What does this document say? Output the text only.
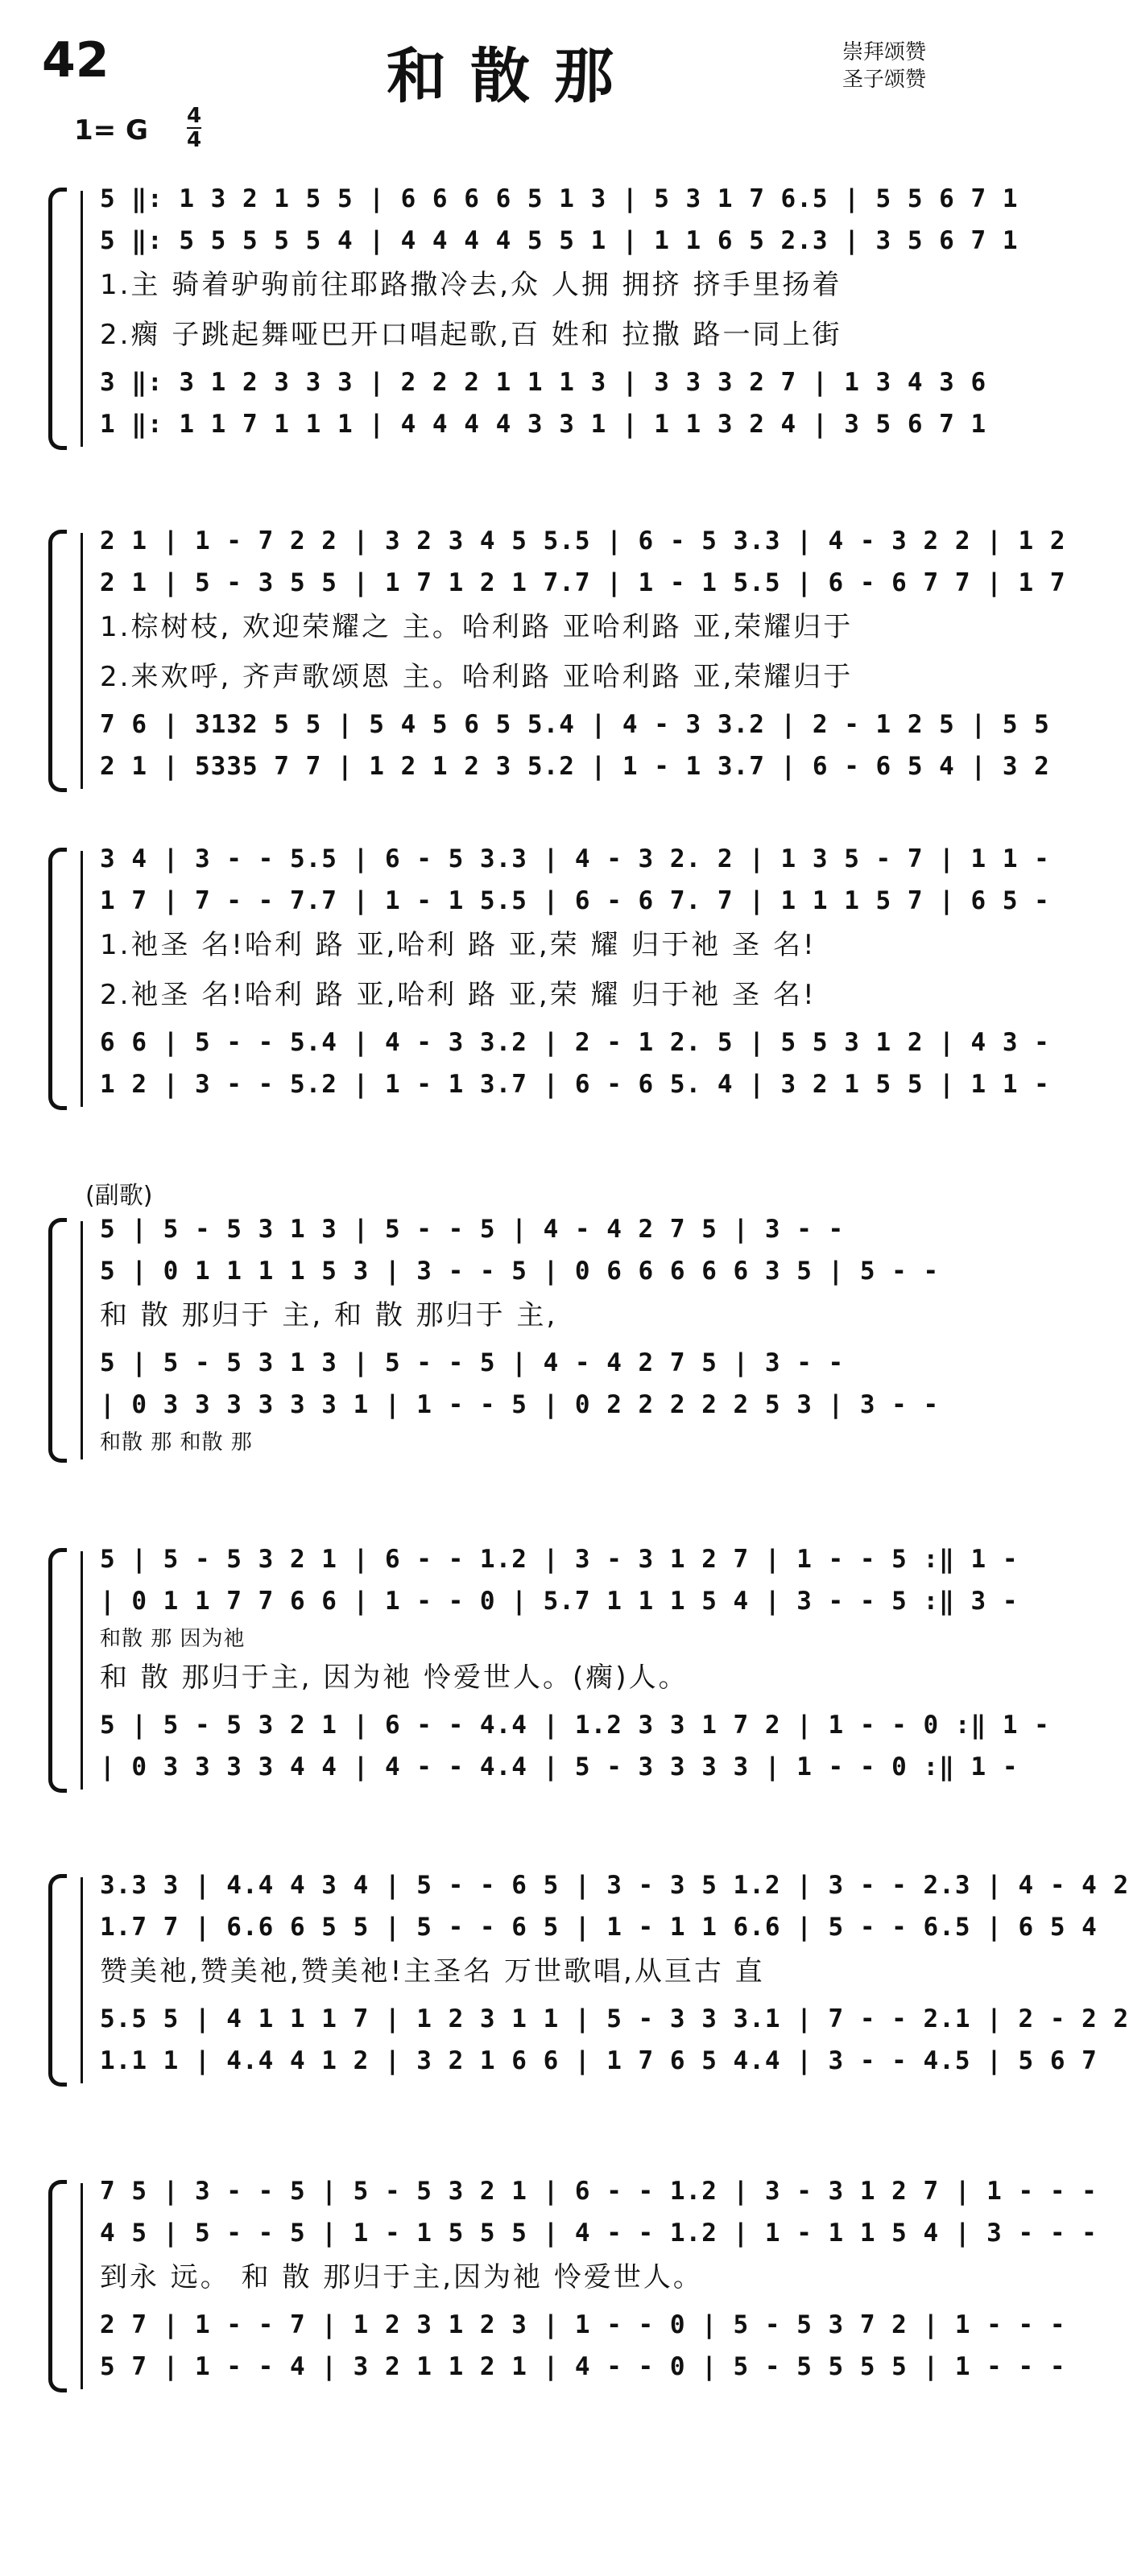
42	和散那	崇拜颂赞
圣子颂赞
1= G 4
4
(副歌)
5 ‖: 1 3 2 1 5 5 | 6 6 6 6 5 1 3 | 5 3 1 7 6.5 | 5 5 6 7 1
5 ‖: 5 5 5 5 5 4 | 4 4 4 4 5 5 1 | 1 1 6 5 2.3 | 3 5 6 7 1
1.主 骑着驴驹前往耶路撒冷去,众 人拥 拥挤 挤手里扬着
2.瘸 子跳起舞哑巴开口唱起歌,百 姓和 拉撒 路一同上街
3 ‖: 3 1 2 3 3 3 | 2 2 2 1 1 1 3 | 3 3 3 2 7 | 1 3 4 3 6
1 ‖: 1 1 7 1 1 1 | 4 4 4 4 3 3 1 | 1 1 3 2 4 | 3 5 6 7 1
2 1 | 1 - 7 2 2 | 3 2 3 4 5 5.5 | 6 - 5 3.3 | 4 - 3 2 2 | 1 2
2 1 | 5 - 3 5 5 | 1 7 1 2 1 7.7 | 1 - 1 5.5 | 6 - 6 7 7 | 1 7
1.棕树枝, 欢迎荣耀之 主。哈利路 亚哈利路 亚,荣耀归于
2.来欢呼, 齐声歌颂恩 主。哈利路 亚哈利路 亚,荣耀归于
7 6 | 3132 5 5 | 5 4 5 6 5 5.4 | 4 - 3 3.2 | 2 - 1 2 5 | 5 5
2 1 | 5335 7 7 | 1 2 1 2 3 5.2 | 1 - 1 3.7 | 6 - 6 5 4 | 3 2
3 4 | 3 - - 5.5 | 6 - 5 3.3 | 4 - 3 2. 2 | 1 3 5 - 7 | 1 1 -
1 7 | 7 - - 7.7 | 1 - 1 5.5 | 6 - 6 7. 7 | 1 1 1 5 7 | 6 5 -
1.祂圣 名!哈利 路 亚,哈利 路 亚,荣 耀 归于祂 圣 名!
2.祂圣 名!哈利 路 亚,哈利 路 亚,荣 耀 归于祂 圣 名!
6 6 | 5 - - 5.4 | 4 - 3 3.2 | 2 - 1 2. 5 | 5 5 3 1 2 | 4 3 -
1 2 | 3 - - 5.2 | 1 - 1 3.7 | 6 - 6 5. 4 | 3 2 1 5 5 | 1 1 -
5 | 5 - 5 3 1 3 | 5 - - 5 | 4 - 4 2 7 5 | 3 - -
5 | 0 1 1 1 1 5 3 | 3 - - 5 | 0 6 6 6 6 6 3 5 | 5 - -
和 散 那归于 主, 和 散 那归于 主,
5 | 5 - 5 3 1 3 | 5 - - 5 | 4 - 4 2 7 5 | 3 - -
| 0 3 3 3 3 3 3 1 | 1 - - 5 | 0 2 2 2 2 2 5 3 | 3 - -
和散 那 和散 那
5 | 5 - 5 3 2 1 | 6 - - 1.2 | 3 - 3 1 2 7 | 1 - - 5 :‖ 1 -
| 0 1 1 7 7 6 6 | 1 - - 0 | 5.7 1 1 1 5 4 | 3 - - 5 :‖ 3 -
和散 那 因为祂
和 散 那归于主, 因为祂 怜爱世人。(瘸)人。
5 | 5 - 5 3 2 1 | 6 - - 4.4 | 1.2 3 3 1 7 2 | 1 - - 0 :‖ 1 -
| 0 3 3 3 3 4 4 | 4 - - 4.4 | 5 - 3 3 3 3 | 1 - - 0 :‖ 1 -
3.3 3 | 4.4 4 3 4 | 5 - - 6 5 | 3 - 3 5 1.2 | 3 - - 2.3 | 4 - 4 2
1.7 7 | 6.6 6 5 5 | 5 - - 6 5 | 1 - 1 1 6.6 | 5 - - 6.5 | 6 5 4
赞美祂,赞美祂,赞美祂!主圣名 万世歌唱,从亘古 直
5.5 5 | 4 1 1 1 7 | 1 2 3 1 1 | 5 - 3 3 3.1 | 7 - - 2.1 | 2 - 2 2
1.1 1 | 4.4 4 1 2 | 3 2 1 6 6 | 1 7 6 5 4.4 | 3 - - 4.5 | 5 6 7
7 5 | 3 - - 5 | 5 - 5 3 2 1 | 6 - - 1.2 | 3 - 3 1 2 7 | 1 - - -
4 5 | 5 - - 5 | 1 - 1 5 5 5 | 4 - - 1.2 | 1 - 1 1 5 4 | 3 - - -
到永 远。 和 散 那归于主,因为祂 怜爱世人。
2 7 | 1 - - 7 | 1 2 3 1 2 3 | 1 - - 0 | 5 - 5 3 7 2 | 1 - - -
5 7 | 1 - - 4 | 3 2 1 1 2 1 | 4 - - 0 | 5 - 5 5 5 5 | 1 - - -
